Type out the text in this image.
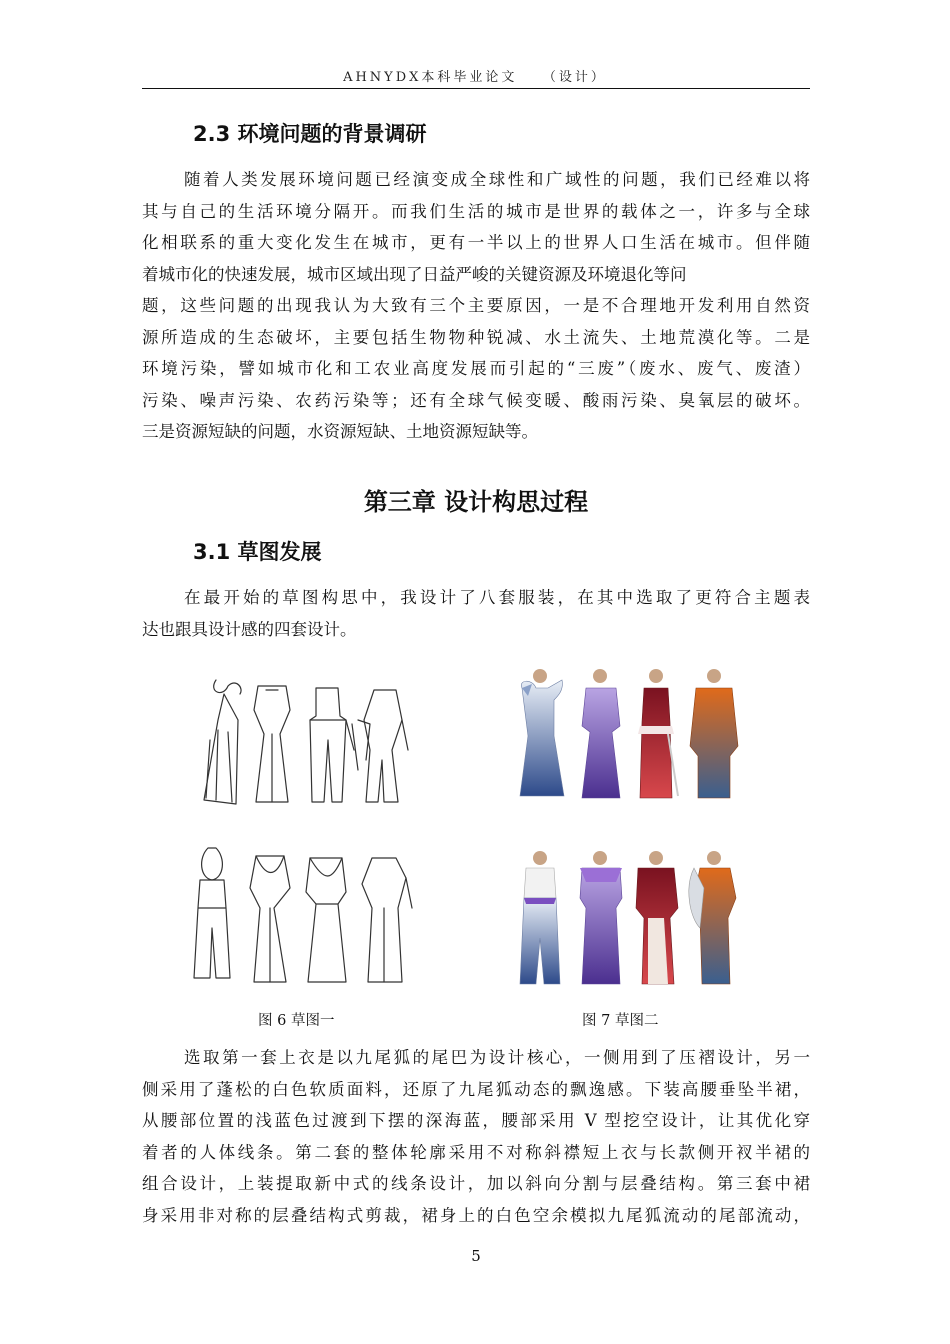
AHNYDX本科毕业论文　　（设计）
2.3 环境问题的背景调研
随着人类发展环境问题已经演变成全球性和广域性的问题，我们已经难以将
其与自己的生活环境分隔开。而我们生活的城市是世界的载体之一，许多与全球
化相联系的重大变化发生在城市，更有一半以上的世界人口生活在城市。但伴随
着城市化的快速发展，城市区域出现了日益严峻的关键资源及环境退化等问
题，这些问题的出现我认为大致有三个主要原因，一是不合理地开发利用自然资
源所造成的生态破坏，主要包括生物物种锐减、水土流失、土地荒漠化等。二是
环境污染，譬如城市化和工农业高度发展而引起的“三废”（废水、废气、废渣）
污染、噪声污染、农药污染等；还有全球气候变暖、酸雨污染、臭氧层的破坏。
三是资源短缺的问题，水资源短缺、土地资源短缺等。
第三章 设计构思过程
3.1 草图发展
在最开始的草图构思中，我设计了八套服装，在其中选取了更符合主题表
达也跟具设计感的四套设计。
图 6 草图一	图 7 草图二
选取第一套上衣是以九尾狐的尾巴为设计核心，一侧用到了压褶设计，另一
侧采用了蓬松的白色软质面料，还原了九尾狐动态的飘逸感。下装高腰垂坠半裙，
从腰部位置的浅蓝色过渡到下摆的深海蓝，腰部采用 V 型挖空设计，让其优化穿
着者的人体线条。第二套的整体轮廓采用不对称斜襟短上衣与长款侧开衩半裙的
组合设计，上装提取新中式的线条设计，加以斜向分割与层叠结构。第三套中裙
身采用非对称的层叠结构式剪裁，裙身上的白色空余模拟九尾狐流动的尾部流动，
5
